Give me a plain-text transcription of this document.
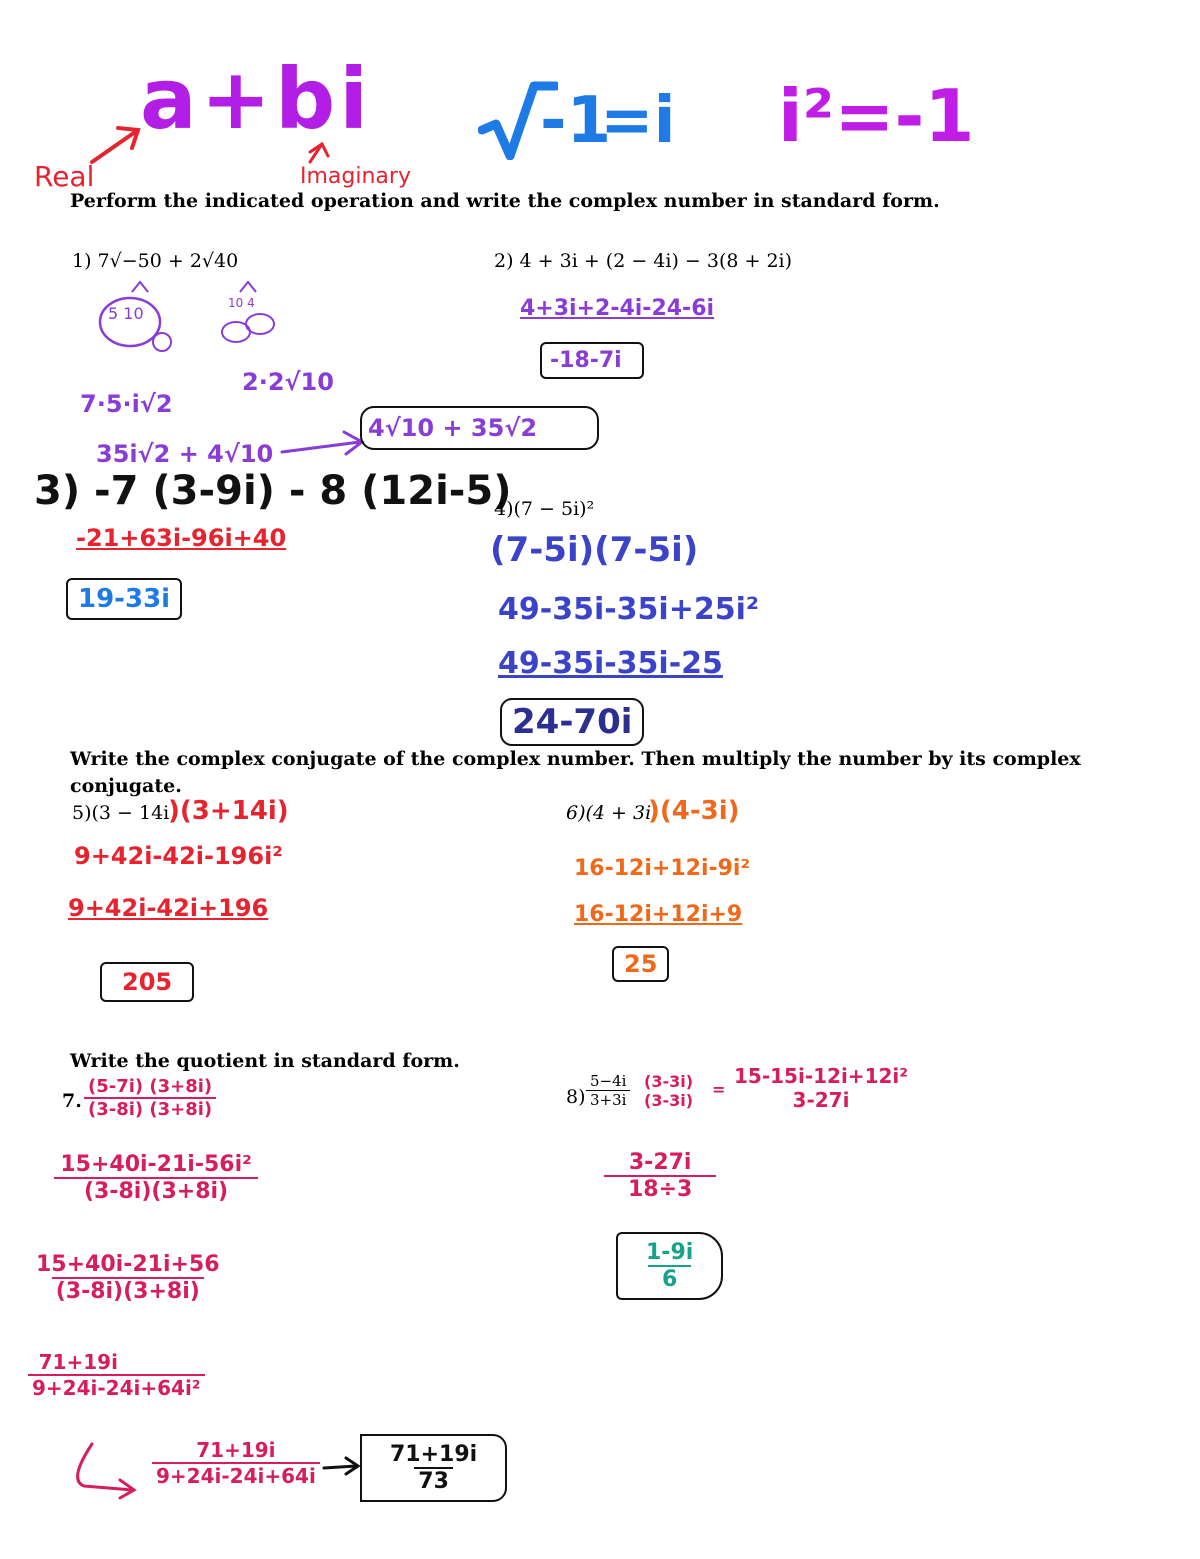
a+bi
Real	Imaginary
-1
=i i²=-1
Perform the indicated operation and write the complex number in standard form.
1) 7√−50 + 2√40
5 10
10 4
2·2√10
7·5·i√2
35i√2 + 4√10
4√10 + 35√2
2) 4 + 3i + (2 − 4i) − 3(8 + 2i)
4+3i+2-4i-24-6i
-18-7i
3) -7 (3-9i) - 8 (12i-5)
-21+63i-96i+40
19-33i
4)(7 − 5i)²
(7-5i)(7-5i)
49-35i-35i+25i²
49-35i-35i-25
24-70i
Write the complex conjugate of the complex number. Then multiply the number by its complex conjugate.
5)(3 − 14i
)(3+14i)
9+42i-42i-196i²
9+42i-42i+196
205
6)(4 + 3i
)(4-3i)
16-12i+12i-9i²
16-12i+12i+9
25
Write the quotient in standard form.
7. $\frac{(5-7i) (3+8i)}{(3-8i) (3+8i)}$
$\frac{\text{15+40i-21i-56i²}}{(3-8i)(3+8i)}$
$\frac{15+40i-21i+56}{(3-8i)(3+8i)}$
$\frac{71+19i}{\text{9+24i-24i+64i²}}$
$\frac{71+19i}{9+24i-24i+64i}$	$\frac{71+19i}{73}$
$8) \frac{5-4i}{3+3i} (3-3i)$
(3-3i)
=
15-15i-12i+12i²
3-27i
$\frac{3-27i}{18\div 3}$
$\frac{1-9i}{6}$
